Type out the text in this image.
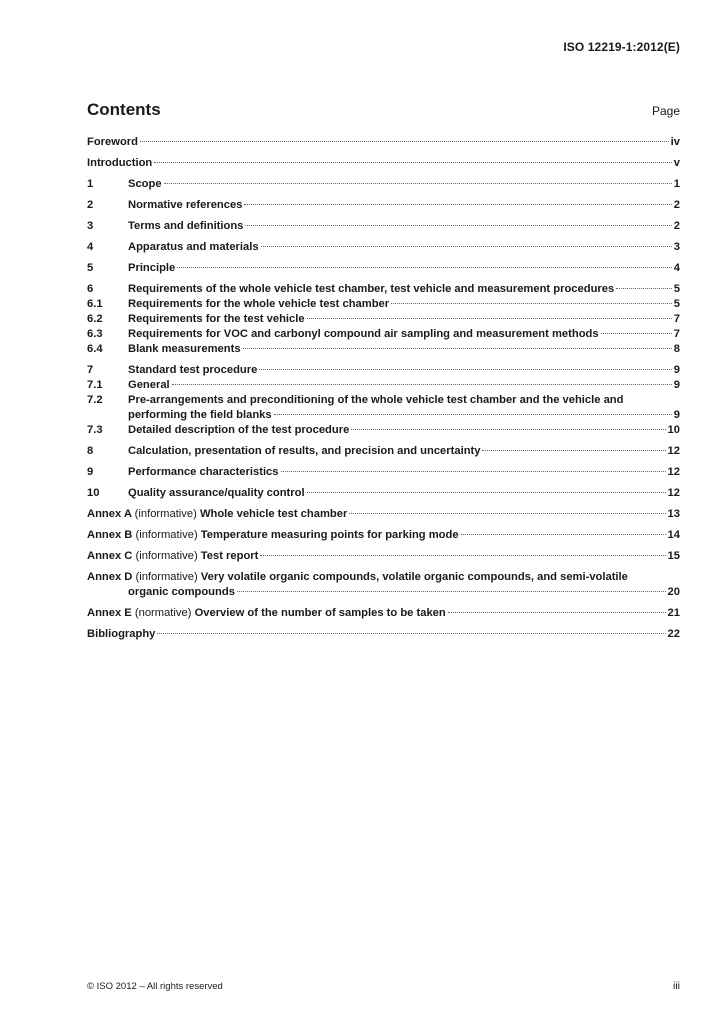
ISO 12219-1:2012(E)
Contents	Page
Foreword	iv
Introduction	v
1	Scope	1
2	Normative references	2
3	Terms and definitions	2
4	Apparatus and materials	3
5	Principle	4
6	Requirements of the whole vehicle test chamber, test vehicle and measurement procedures	5
6.1	Requirements for the whole vehicle test chamber	5
6.2	Requirements for the test vehicle	7
6.3	Requirements for VOC and carbonyl compound air sampling and measurement methods	7
6.4	Blank measurements	8
7	Standard test procedure	9
7.1	General	9
7.2	Pre-arrangements and preconditioning of the whole vehicle test chamber and the vehicle and
performing the field blanks	9
7.3	Detailed description of the test procedure	10
8	Calculation, presentation of results, and precision and uncertainty	12
9	Performance characteristics	12
10	Quality assurance/quality control	12
Annex A (informative) Whole vehicle test chamber	13
Annex B (informative) Temperature measuring points for parking mode	14
Annex C (informative) Test report	15
Annex D (informative) Very volatile organic compounds, volatile organic compounds, and semi-volatile
organic compounds	20
Annex E (normative) Overview of the number of samples to be taken	21
Bibliography	22
© ISO 2012 – All rights reserved	iii
